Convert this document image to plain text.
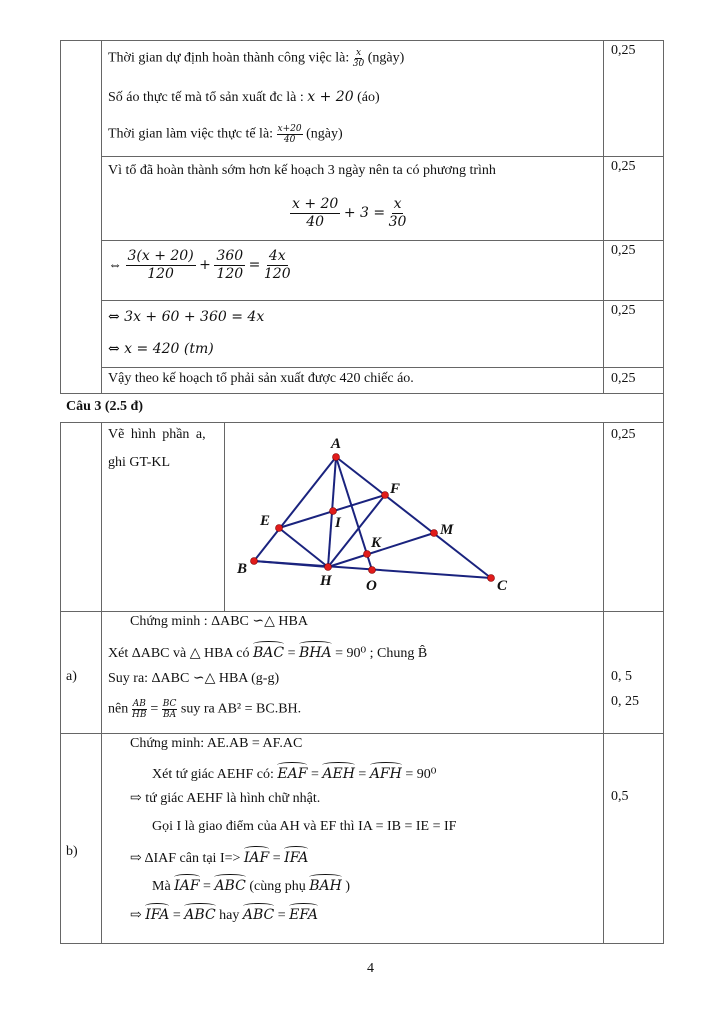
Thời gian dự định hoàn thành công việc là: $\frac{x}{30}$ (ngày)
Số áo thực tế mà tổ sản xuất đc là : x + 20 (áo)
Thời gian làm việc thực tế là: $\frac{x+20}{40}$ (ngày)
0,25
Vì tổ đã hoàn thành sớm hơn kế hoạch 3 ngày nên ta có phương trình
$\frac{x + 20}{40} + 3 = \frac{x}{30}$
0,25
⇔ $\frac{3(x + 20)}{120} + \frac{360}{120} = \frac{4x}{120}$	0,25
⇔ 3x + 60 + 360 = 4x
⇔ x = 420 (tm)
0,25
Vậy theo kế hoạch tổ phải sản xuất được 420 chiếc áo.	0,25
Câu 3 (2.5 đ)
Vẽ hình phần a,
ghi GT-KL
0,25
A
F
E	I	M
K
B
H O	C
a)
Chứng minh : ΔABC ∽△ HBA
Xét ΔABC và △ HBA có BAC = BHA = 90⁰ ; Chung B̂
Suy ra: ΔABC ∽△ HBA (g-g)
nên $\frac{AB}{HB} = \frac{BC}{BA}$ suy ra AB² = BC.BH.
0, 5
0, 25
b)
Chứng minh: AE.AB = AF.AC
Xét tứ giác AEHF có: EAF = AEH = AFH = 90⁰
⇨ tứ giác AEHF là hình chữ nhật.
Gọi I là giao điểm của AH và EF thì IA = IB = IE = IF
⇨ ΔIAF cân tại I=> IAF = IFA
Mà IAF = ABC (cùng phụ BAH )
⇨ IFA = ABC hay ABC = EFA
0,5
4
